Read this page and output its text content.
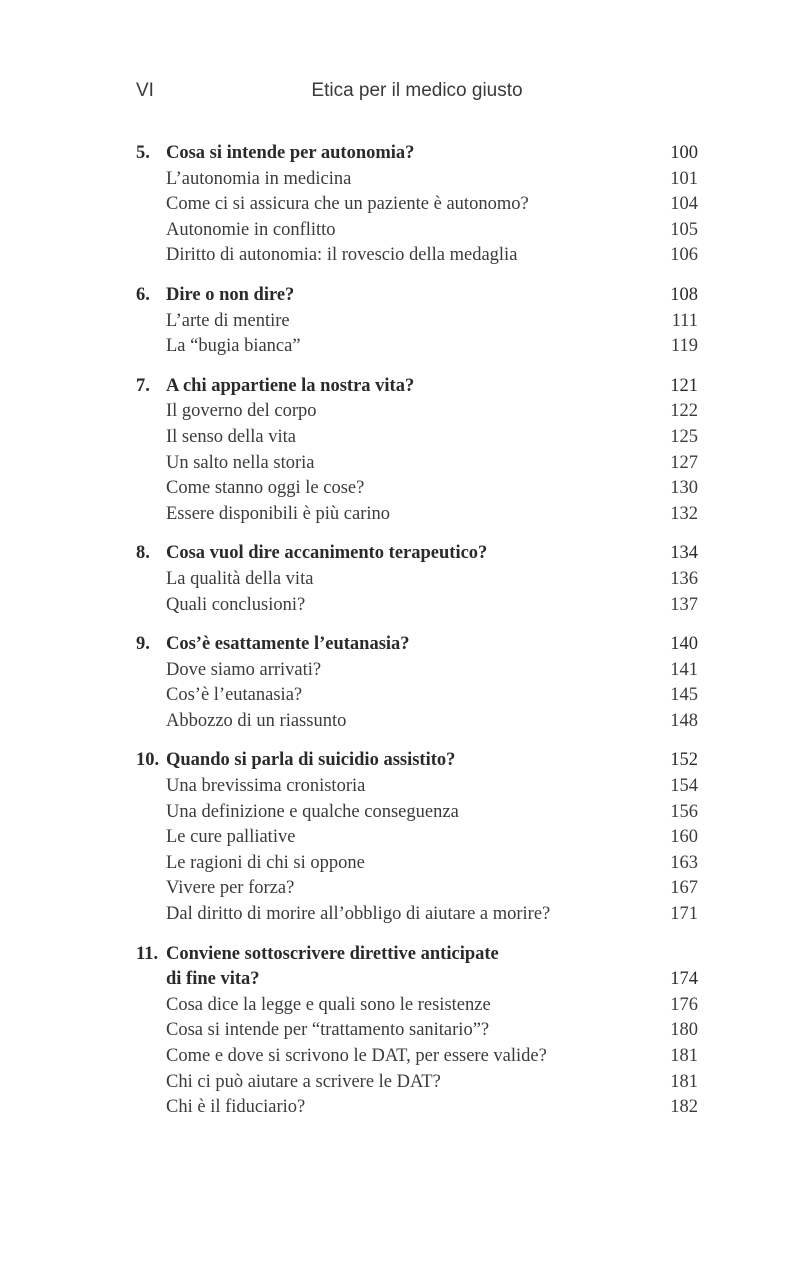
VI	Etica per il medico giusto
5. Cosa si intende per autonomia?	100
L’autonomia in medicina	101
Come ci si assicura che un paziente è autonomo?	104
Autonomie in conflitto	105
Diritto di autonomia: il rovescio della medaglia	106
6. Dire o non dire?	108
L’arte di mentire	111
La “bugia bianca”	119
7. A chi appartiene la nostra vita?	121
Il governo del corpo	122
Il senso della vita	125
Un salto nella storia	127
Come stanno oggi le cose?	130
Essere disponibili è più carino	132
8. Cosa vuol dire accanimento terapeutico?	134
La qualità della vita	136
Quali conclusioni?	137
9. Cos’è esattamente l’eutanasia?	140
Dove siamo arrivati?	141
Cos’è l’eutanasia?	145
Abbozzo di un riassunto	148
10. Quando si parla di suicidio assistito?	152
Una brevissima cronistoria	154
Una definizione e qualche conseguenza	156
Le cure palliative	160
Le ragioni di chi si oppone	163
Vivere per forza?	167
Dal diritto di morire all’obbligo di aiutare a morire?	171
11. Conviene sottoscrivere direttive anticipate
di fine vita?	174
Cosa dice la legge e quali sono le resistenze	176
Cosa si intende per “trattamento sanitario”?	180
Come e dove si scrivono le DAT, per essere valide?	181
Chi ci può aiutare a scrivere le DAT?	181
Chi è il fiduciario?	182
